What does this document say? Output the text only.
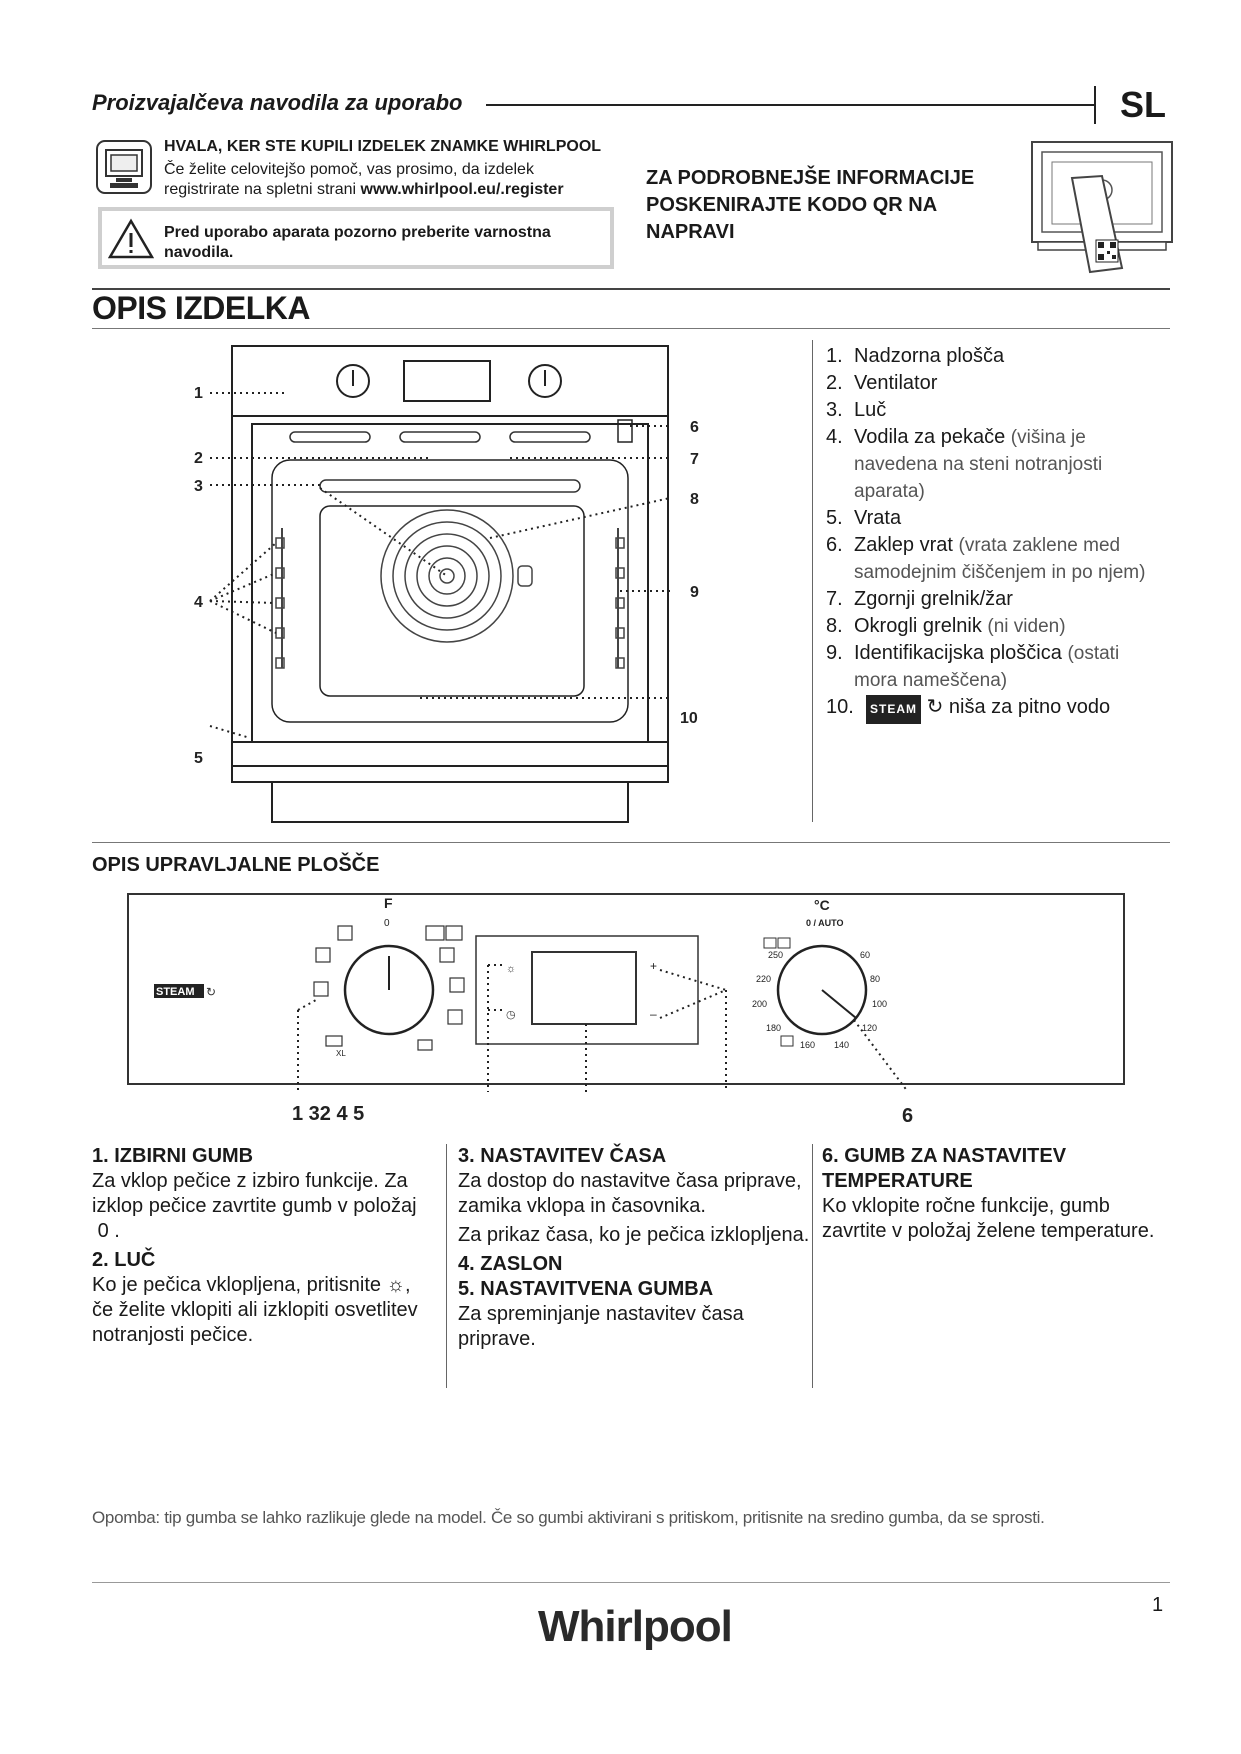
Proizvajalčeva navodila za uporabo	SL
HVALA, KER STE KUPILI IZDELEK ZNAMKE WHIRLPOOL
Če želite celovitejšo pomoč, vas prosimo, da izdelek
registrirate na spletni strani www.whirlpool.eu/.register
Pred uporabo aparata pozorno preberite varnostna
navodila.
ZA PODROBNEJŠE INFORMACIJE
POSKENIRAJTE KODO QR NA
NAPRAVI
OPIS IZDELKA
1
2
3
4
5
6
7
8
9
10
1. Nadzorna plošča
2. Ventilator
3. Luč
4. Vodila za pekače (višina je navedena na steni notranjosti aparata)
5. Vrata
6. Zaklep vrat (vrata zaklene med samodejnim čiščenjem in po njem)
7. Zgornji grelnik/žar
8. Okrogli grelnik (ni viden)
9. Identifikacijska ploščica (ostati mora nameščena)
10.	STEAM ↻ niša za pitno vodo
OPIS UPRAVLJALNE PLOŠČE
STEAM ↻
F
0
XL
+
–
☼
◷
°C
0 / AUTO
250	60
220	80
200	100
180	120
160 140
1 32 4 5	6
1. IZBIRNI GUMB

Za vklop pečice z izbiro funkcije. Za izklop pečice zavrtite gumb v položaj
0 .

2. LUČ

Ko je pečica vklopljena, pritisnite ☼, če želite vklopiti ali izklopiti osvetlitev notranjosti pečice.

3. NASTAVITEV ČASA

Za dostop do nastavitve časa priprave, zamika vklopa in časovnika.

Za prikaz časa, ko je pečica izklopljena.

4. ZASLON
5. NASTAVITVENA GUMBA

Za spreminjanje nastavitev časa priprave.

6. GUMB ZA NASTAVITEV TEMPERATURE

Ko vklopite ročne funkcije, gumb zavrtite v položaj želene temperature.

Opomba: tip gumba se lahko razlikuje glede na model. Če so gumbi aktivirani s pritiskom, pritisnite na sredino gumba, da se sprosti.
1
Whirlpool
